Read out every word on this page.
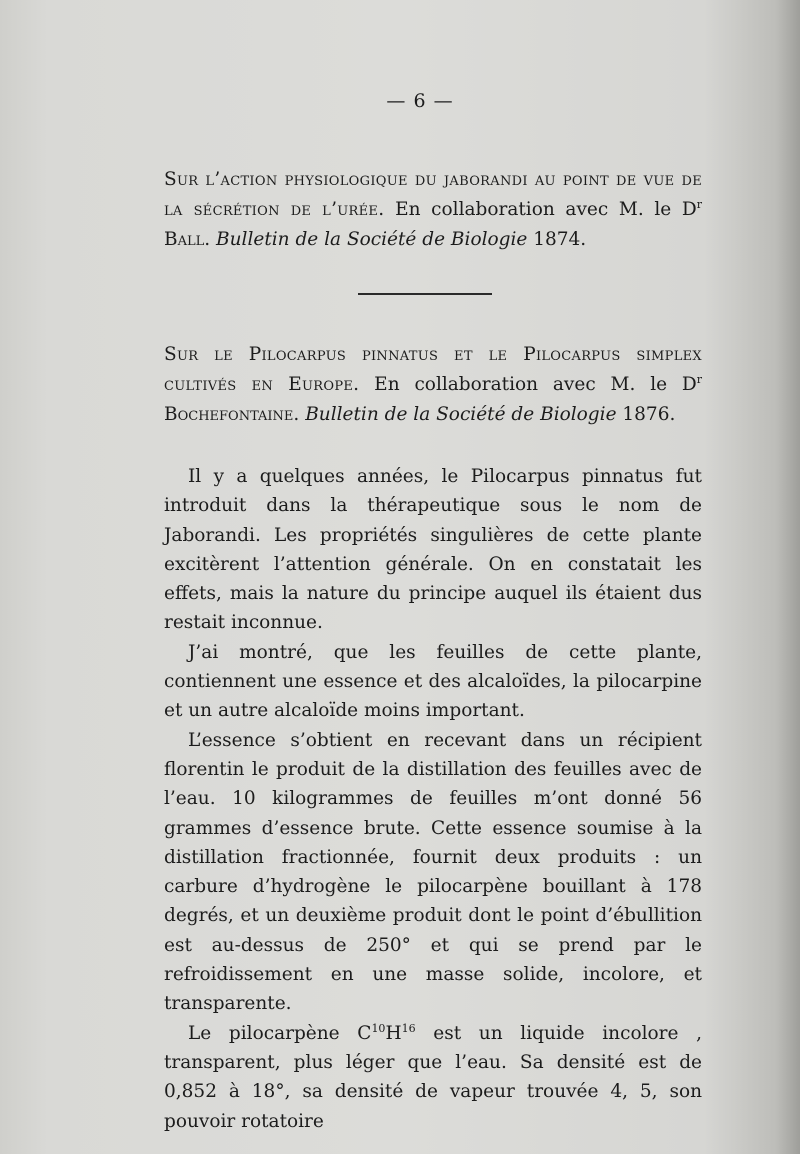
— 6 —
Sur l’action physiologique du jaborandi au point de vue de la sécrétion de l’urée. En collaboration avec M. le $D^r$ Ball. Bulletin de la Société de Biologie 1874.
Sur le Pilocarpus pinnatus et le Pilocarpus simplex cultivés en Europe. En collaboration avec M. le $D^r$ Bochefontaine. Bulletin de la Société de Biologie 1876.

Il y a quelques années, le Pilocarpus pinnatus fut introduit dans la thérapeutique sous le nom de Jaborandi. Les propriétés singulières de cette plante excitèrent l’attention générale. On en constatait les effets, mais la nature du principe auquel ils étaient dus restait inconnue.

J’ai montré, que les feuilles de cette plante, contiennent une essence et des alcaloïdes, la pilocarpine et un autre alcaloïde moins important.

L’essence s’obtient en recevant dans un récipient florentin le produit de la distillation des feuilles avec de l’eau. 10 kilogrammes de feuilles m’ont donné 56 grammes d’essence brute. Cette essence soumise à la distillation fractionnée, fournit deux produits : un carbure d’hydrogène le pilocarpène bouillant à 178 degrés, et un deuxième produit dont le point d’ébullition est au-dessus de 250° et qui se prend par le refroidissement en une masse solide, incolore, et transparente.

Le pilocarpène $C^{10}H^{16}$ est un liquide incolore , transparent, plus léger que l’eau. Sa densité est de 0,852 à 18°, sa densité de vapeur trouvée 4, 5, son pouvoir rotatoire
